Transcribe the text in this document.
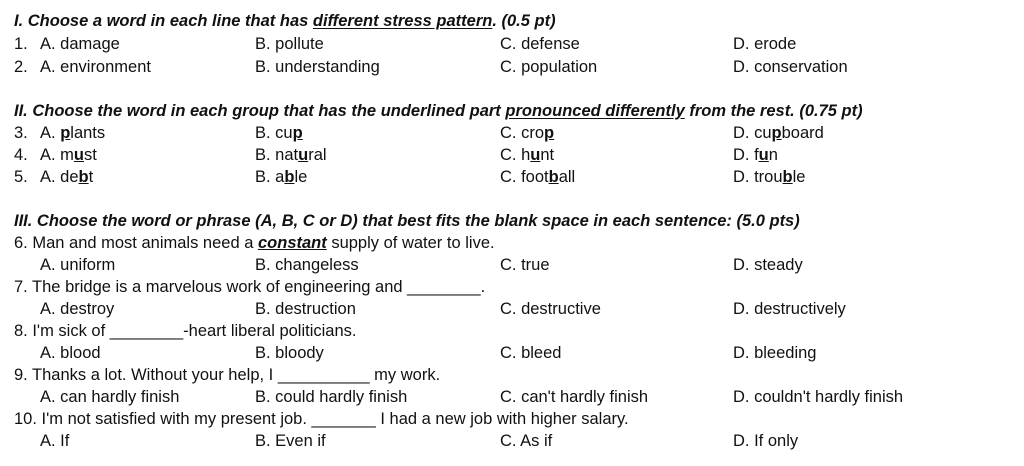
I. Choose a word in each line that has different stress pattern. (0.5 pt)
1. A. damage	B. pollute	C. defense	D. erode
2. A. environment	B. understanding	C. population	D. conservation
II. Choose the word in each group that has the underlined part pronounced differently from the rest. (0.75 pt)
3. A. plants	B. cup	C. crop	D. cupboard
4. A. must	B. natural	C. hunt	D. fun
5. A. debt	B. able	C. football	D. trouble
III. Choose the word or phrase (A, B, C or D) that best fits the blank space in each sentence: (5.0 pts)
6. Man and most animals need a constant supply of water to live.
A. uniform	B. changeless	C. true	D. steady
7. The bridge is a marvelous work of engineering and ________.
A. destroy	B. destruction	C. destructive	D. destructively
8. I'm sick of ________-heart liberal politicians.
A. blood	B. bloody	C. bleed	D. bleeding
9. Thanks a lot. Without your help, I __________ my work.
A. can hardly finish	B. could hardly finish	C. can't hardly finish	D. couldn't hardly finish
10. I'm not satisfied with my present job. _______ I had a new job with higher salary.
A. If	B. Even if	C. As if	D. If only
